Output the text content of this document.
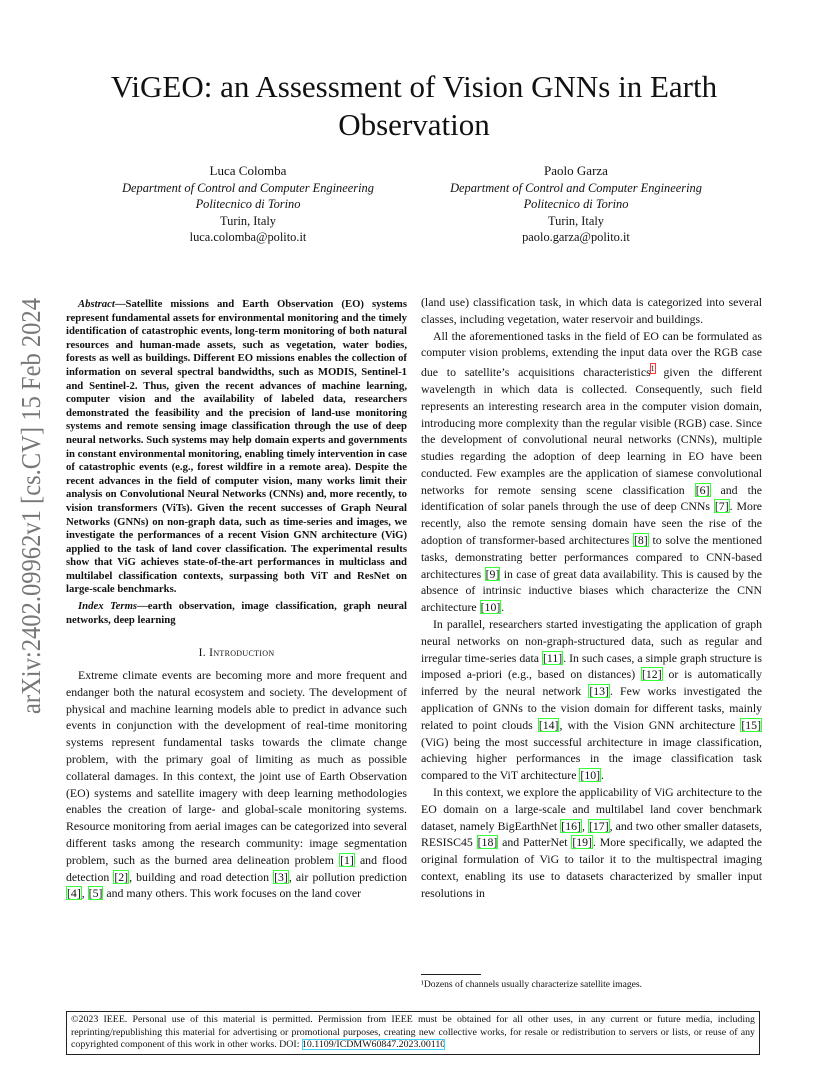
ViGEO: an Assessment of Vision GNNs in Earth Observation
Luca Colomba
Department of Control and Computer Engineering
Politecnico di Torino
Turin, Italy
luca.colomba@polito.it
Paolo Garza
Department of Control and Computer Engineering
Politecnico di Torino
Turin, Italy
paolo.garza@polito.it
arXiv:2402.09962v1 [cs.CV] 15 Feb 2024	Abstract—Satellite missions and Earth Observation (EO) systems represent fundamental assets for environmental monitoring and the timely identification of catastrophic events, long-term monitoring of both natural resources and human-made assets, such as vegetation, water bodies, forests as well as buildings. Different EO missions enables the collection of information on several spectral bandwidths, such as MODIS, Sentinel-1 and Sentinel-2. Thus, given the recent advances of machine learning, computer vision and the availability of labeled data, researchers demonstrated the feasibility and the precision of land-use monitoring systems and remote sensing image classification through the use of deep neural networks. Such systems may help domain experts and governments in constant environmental monitoring, enabling timely intervention in case of catastrophic events (e.g., forest wildfire in a remote area). Despite the recent advances in the field of computer vision, many works limit their analysis on Convolutional Neural Networks (CNNs) and, more recently, to vision transformers (ViTs). Given the recent successes of Graph Neural Networks (GNNs) on non-graph data, such as time-series and images, we investigate the performances of a recent Vision GNN architecture (ViG) applied to the task of land cover classification. The experimental results show that ViG achieves state-of-the-art performances in multiclass and multilabel classification contexts, surpassing both ViT and ResNet on large-scale benchmarks.

Index Terms—earth observation, image classification, graph neural networks, deep learning

I. Introduction

Extreme climate events are becoming more and more frequent and endanger both the natural ecosystem and society. The development of physical and machine learning models able to predict in advance such events in conjunction with the development of real-time monitoring systems represent fundamental tasks towards the climate change problem, with the primary goal of limiting as much as possible collateral damages. In this context, the joint use of Earth Observation (EO) systems and satellite imagery with deep learning methodologies enables the creation of large- and global-scale monitoring systems. Resource monitoring from aerial images can be categorized into several different tasks among the research community: image segmentation problem, such as the burned area delineation problem [1] and flood detection [2], building and road detection [3], air pollution prediction [4], [5] and many others. This work focuses on the land cover

(land use) classification task, in which data is categorized into several classes, including vegetation, water reservoir and buildings.

All the aforementioned tasks in the field of EO can be formulated as computer vision problems, extending the input data over the RGB case due to satellite’s acquisitions characteristics$^1$ given the different wavelength in which data is collected. Consequently, such field represents an interesting research area in the computer vision domain, introducing more complexity than the regular visible (RGB) case. Since the development of convolutional neural networks (CNNs), multiple studies regarding the adoption of deep learning in EO have been conducted. Few examples are the application of siamese convolutional networks for remote sensing scene classification [6] and the identification of solar panels through the use of deep CNNs [7]. More recently, also the remote sensing domain have seen the rise of the adoption of transformer-based architectures [8] to solve the mentioned tasks, demonstrating better performances compared to CNN-based architectures [9] in case of great data availability. This is caused by the absence of intrinsic inductive biases which characterize the CNN architecture [10].

In parallel, researchers started investigating the application of graph neural networks on non-graph-structured data, such as regular and irregular time-series data [11]. In such cases, a simple graph structure is imposed a-priori (e.g., based on distances) [12] or is automatically inferred by the neural network [13]. Few works investigated the application of GNNs to the vision domain for different tasks, mainly related to point clouds [14], with the Vision GNN architecture [15] (ViG) being the most successful architecture in image classification, achieving higher performances in the image classification task compared to the ViT architecture [10].

In this context, we explore the applicability of ViG architecture to the EO domain on a large-scale and multilabel land cover benchmark dataset, namely BigEarthNet [16], [17], and two other smaller datasets, RESISC45 [18] and PatterNet [19]. More specifically, we adapted the original formulation of ViG to tailor it to the multispectral imaging context, enabling its use to datasets characterized by smaller input resolutions in

¹Dozens of channels usually characterize satellite images.
©2023 IEEE. Personal use of this material is permitted. Permission from IEEE must be obtained for all other uses, in any current or future media, including reprinting/republishing this material for advertising or promotional purposes, creating new collective works, for resale or redistribution to servers or lists, or reuse of any copyrighted component of this work in other works. DOI: 10.1109/ICDMW60847.2023.00110
